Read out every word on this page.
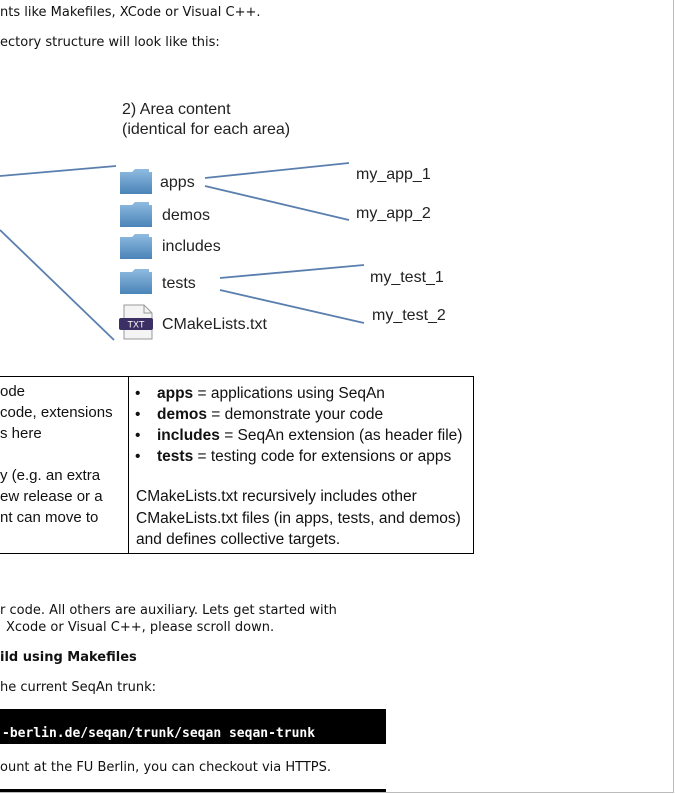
nts like Makefiles, XCode or Visual C++.
ectory structure will look like this:
TXT
2) Area content
(identical for each area)
apps
demos
includes
tests
CMakeLists.txt
my_app_1
my_app_2
my_test_1
my_test_2
ode
code, extensions
s here
y (e.g. an extra
ew release or a
nt can move to
• apps = applications using SeqAn
• demos = demonstrate your code
• includes = SeqAn extension (as header file)
• tests = testing code for extensions or apps
CMakeLists.txt recursively includes other CMakeLists.txt files (in apps, tests, and demos) and defines collective targets.
r code. All others are auxiliary. Lets get started with
Xcode or Visual C++, please scroll down.
ild using Makefiles
he current SeqAn trunk:
-berlin.de/seqan/trunk/seqan seqan-trunk
ount at the FU Berlin, you can checkout via HTTPS.
